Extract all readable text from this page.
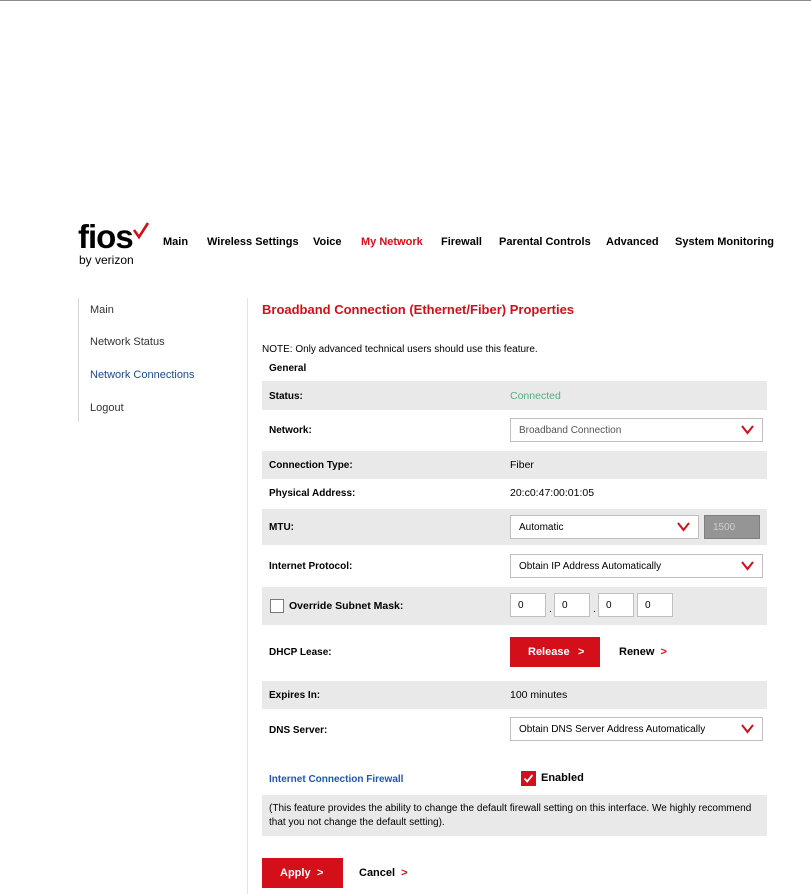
fios
by verizon
Main Wireless Settings Voice My Network Firewall Parental Controls Advanced System Monitoring
Main
Network Status
Network Connections
Logout
Broadband Connection (Ethernet/Fiber) Properties
NOTE: Only advanced technical users should use this feature.
General
Status:	Connected
Network:	Broadband Connection
Connection Type:	Fiber
Physical Address:	20:c0:47:00:01:05
MTU:	Automatic	1500
Internet Protocol:	Obtain IP Address Automatically
Override Subnet Mask:	0	. 0	. 0	0
DHCP Lease:	Release >	Renew >
Expires In:	100 minutes
DNS Server:	Obtain DNS Server Address Automatically
Internet Connection Firewall	Enabled
(This feature provides the ability to change the default firewall setting on this interface. We highly recommend that you not change the default setting).
Apply >	Cancel >
